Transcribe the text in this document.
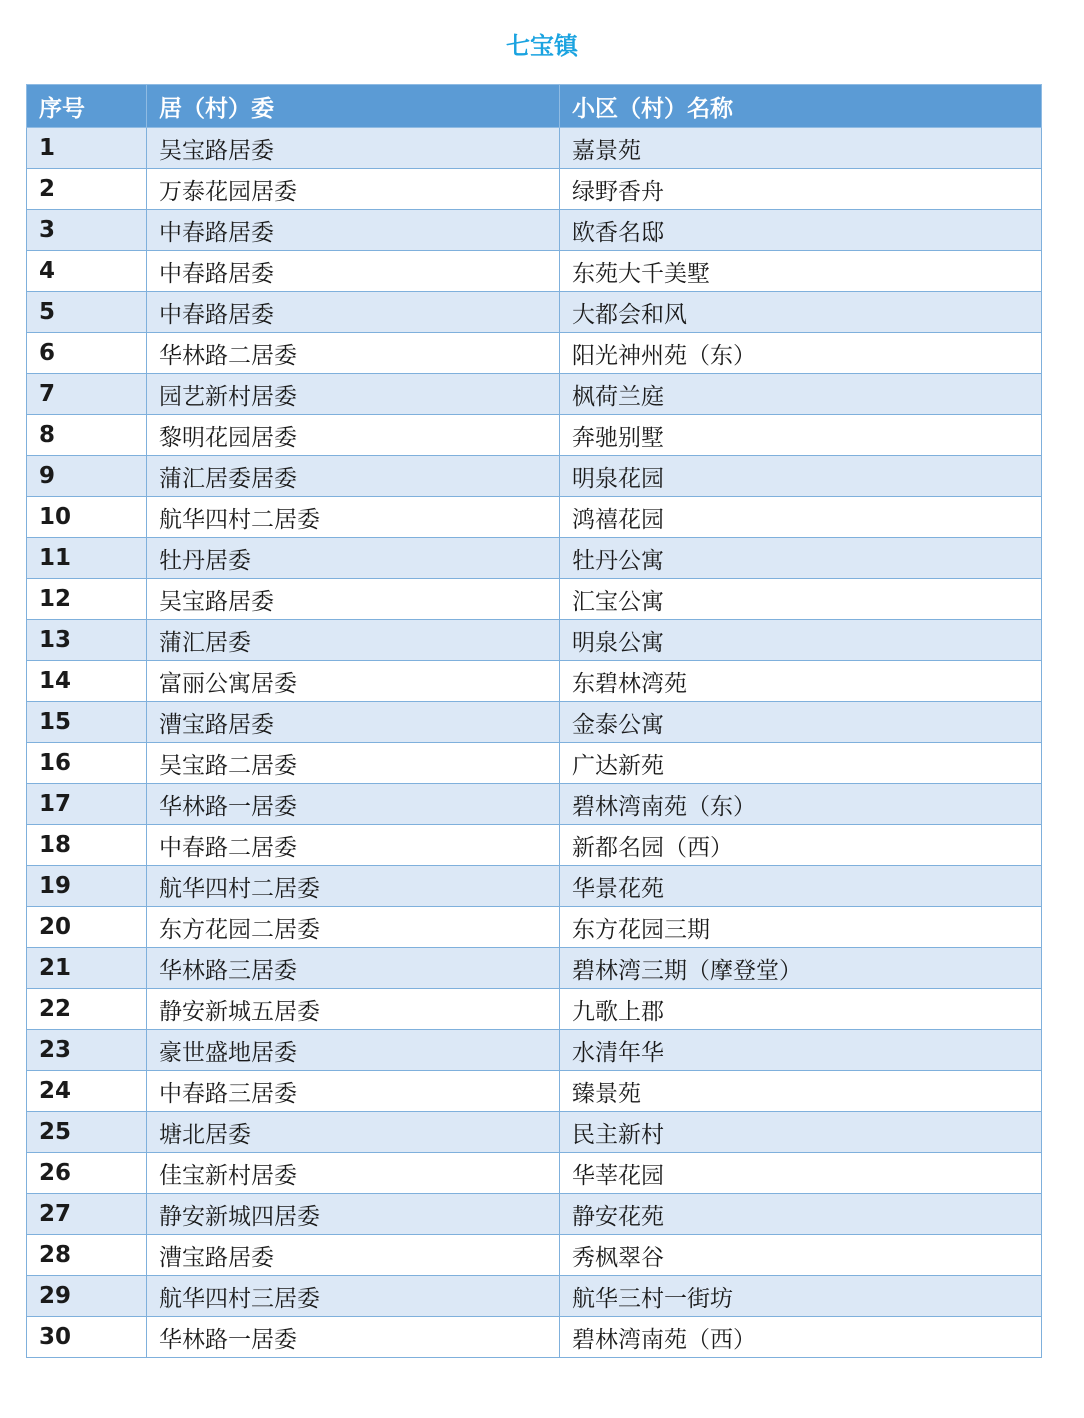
七宝镇
序号	居（村）委	小区（村）名称
1	吴宝路居委	嘉景苑
2	万泰花园居委	绿野香舟
3	中春路居委	欧香名邸
4	中春路居委	东苑大千美墅
5	中春路居委	大都会和风
6	华林路二居委	阳光神州苑（东）
7	园艺新村居委	枫荷兰庭
8	黎明花园居委	奔驰别墅
9	蒲汇居委居委	明泉花园
10	航华四村二居委	鸿禧花园
11	牡丹居委	牡丹公寓
12	吴宝路居委	汇宝公寓
13	蒲汇居委	明泉公寓
14	富丽公寓居委	东碧林湾苑
15	漕宝路居委	金泰公寓
16	吴宝路二居委	广达新苑
17	华林路一居委	碧林湾南苑（东）
18	中春路二居委	新都名园（西）
19	航华四村二居委	华景花苑
20	东方花园二居委	东方花园三期
21	华林路三居委	碧林湾三期（摩登堂）
22	静安新城五居委	九歌上郡
23	豪世盛地居委	水清年华
24	中春路三居委	臻景苑
25	塘北居委	民主新村
26	佳宝新村居委	华莘花园
27	静安新城四居委	静安花苑
28	漕宝路居委	秀枫翠谷
29	航华四村三居委	航华三村一街坊
30	华林路一居委	碧林湾南苑（西）
